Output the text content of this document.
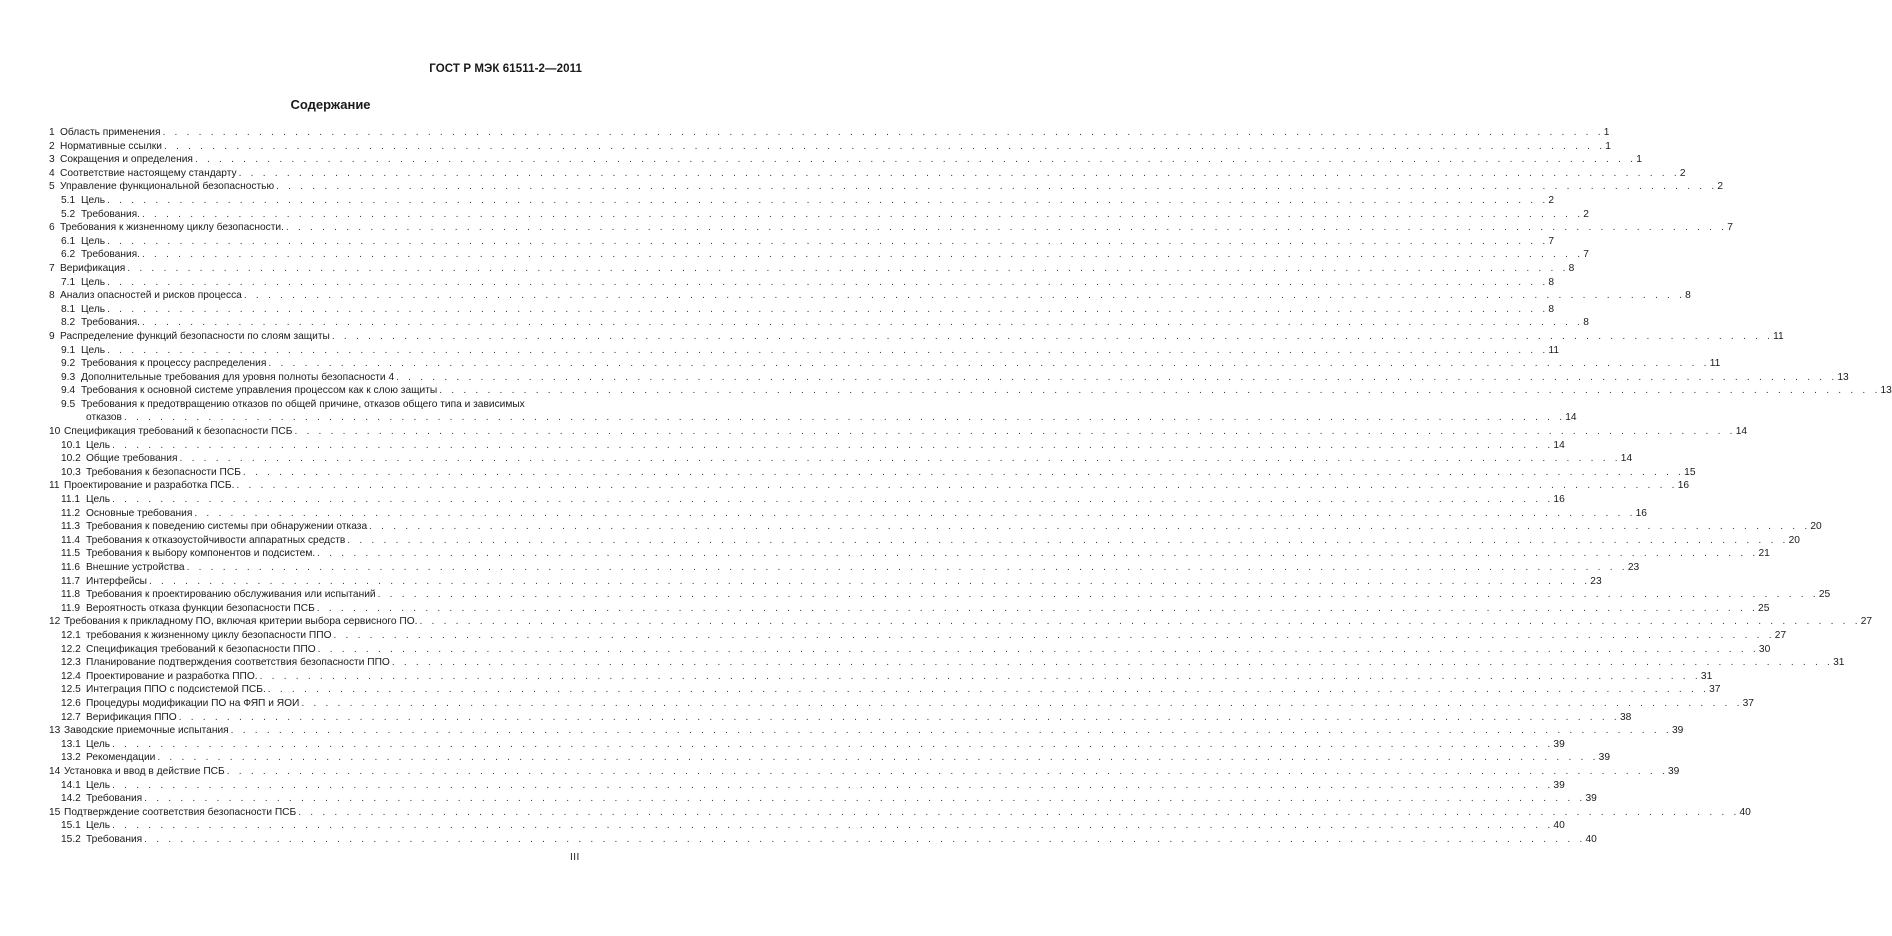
ГОСТ Р МЭК 61511-2—2011
Содержание
1 Область применения . . . . . . . . . . . . . . . . . . . . . . . . . . . . . . . . . . . . . . . . . . . . . . . . . . . . . . . . . . . . . . . . . . . . . . . . . . . . . . . . . . . . . . . . . . . . . . . . . . . . . . . . . . . . . . . . . . . . . . . . 1
2 Нормативные ссылки . . . . . . . . . . . . . . . . . . . . . . . . . . . . . . . . . . . . . . . . . . . . . . . . . . . . . . . . . . . . . . . . . . . . . . . . . . . . . . . . . . . . . . . . . . . . . . . . . . . . . . . . . . . . . . . . . . . . . . . . 1
3 Сокращения и определения . . . . . . . . . . . . . . . . . . . . . . . . . . . . . . . . . . . . . . . . . . . . . . . . . . . . . . . . . . . . . . . . . . . . . . . . . . . . . . . . . . . . . . . . . . . . . . . . . . . . . . . . . . . . . . . . . . . . . . . . 1
4 Соответствие настоящему стандарту . . . . . . . . . . . . . . . . . . . . . . . . . . . . . . . . . . . . . . . . . . . . . . . . . . . . . . . . . . . . . . . . . . . . . . . . . . . . . . . . . . . . . . . . . . . . . . . . . . . . . . . . . . . . . . . . . . . . . . . . 2
5 Управление функциональной безопасностью . . . . . . . . . . . . . . . . . . . . . . . . . . . . . . . . . . . . . . . . . . . . . . . . . . . . . . . . . . . . . . . . . . . . . . . . . . . . . . . . . . . . . . . . . . . . . . . . . . . . . . . . . . . . . . . . . . . . . . . . 2
5.1 Цель . . . . . . . . . . . . . . . . . . . . . . . . . . . . . . . . . . . . . . . . . . . . . . . . . . . . . . . . . . . . . . . . . . . . . . . . . . . . . . . . . . . . . . . . . . . . . . . . . . . . . . . . . . . . . . . . . . . . . . . . 2
5.2 Требования. . . . . . . . . . . . . . . . . . . . . . . . . . . . . . . . . . . . . . . . . . . . . . . . . . . . . . . . . . . . . . . . . . . . . . . . . . . . . . . . . . . . . . . . . . . . . . . . . . . . . . . . . . . . . . . . . . . . . . . . . 2
6 Требования к жизненному циклу безопасности. . . . . . . . . . . . . . . . . . . . . . . . . . . . . . . . . . . . . . . . . . . . . . . . . . . . . . . . . . . . . . . . . . . . . . . . . . . . . . . . . . . . . . . . . . . . . . . . . . . . . . . . . . . . . . . . . . . . . . . . . 7
6.1 Цель . . . . . . . . . . . . . . . . . . . . . . . . . . . . . . . . . . . . . . . . . . . . . . . . . . . . . . . . . . . . . . . . . . . . . . . . . . . . . . . . . . . . . . . . . . . . . . . . . . . . . . . . . . . . . . . . . . . . . . . . 7
6.2 Требования. . . . . . . . . . . . . . . . . . . . . . . . . . . . . . . . . . . . . . . . . . . . . . . . . . . . . . . . . . . . . . . . . . . . . . . . . . . . . . . . . . . . . . . . . . . . . . . . . . . . . . . . . . . . . . . . . . . . . . . . . 7
7 Верификация . . . . . . . . . . . . . . . . . . . . . . . . . . . . . . . . . . . . . . . . . . . . . . . . . . . . . . . . . . . . . . . . . . . . . . . . . . . . . . . . . . . . . . . . . . . . . . . . . . . . . . . . . . . . . . . . . . . . . . . . 8
7.1 Цель . . . . . . . . . . . . . . . . . . . . . . . . . . . . . . . . . . . . . . . . . . . . . . . . . . . . . . . . . . . . . . . . . . . . . . . . . . . . . . . . . . . . . . . . . . . . . . . . . . . . . . . . . . . . . . . . . . . . . . . . 8
8 Анализ опасностей и рисков процесса . . . . . . . . . . . . . . . . . . . . . . . . . . . . . . . . . . . . . . . . . . . . . . . . . . . . . . . . . . . . . . . . . . . . . . . . . . . . . . . . . . . . . . . . . . . . . . . . . . . . . . . . . . . . . . . . . . . . . . . . 8
8.1 Цель . . . . . . . . . . . . . . . . . . . . . . . . . . . . . . . . . . . . . . . . . . . . . . . . . . . . . . . . . . . . . . . . . . . . . . . . . . . . . . . . . . . . . . . . . . . . . . . . . . . . . . . . . . . . . . . . . . . . . . . . 8
8.2 Требования. . . . . . . . . . . . . . . . . . . . . . . . . . . . . . . . . . . . . . . . . . . . . . . . . . . . . . . . . . . . . . . . . . . . . . . . . . . . . . . . . . . . . . . . . . . . . . . . . . . . . . . . . . . . . . . . . . . . . . . . . 8
9 Распределение функций безопасности по слоям защиты . . . . . . . . . . . . . . . . . . . . . . . . . . . . . . . . . . . . . . . . . . . . . . . . . . . . . . . . . . . . . . . . . . . . . . . . . . . . . . . . . . . . . . . . . . . . . . . . . . . . . . . . . . . . . . . . . . . . . . . . 11
9.1 Цель . . . . . . . . . . . . . . . . . . . . . . . . . . . . . . . . . . . . . . . . . . . . . . . . . . . . . . . . . . . . . . . . . . . . . . . . . . . . . . . . . . . . . . . . . . . . . . . . . . . . . . . . . . . . . . . . . . . . . . . . 11
9.2 Требования к процессу распределения . . . . . . . . . . . . . . . . . . . . . . . . . . . . . . . . . . . . . . . . . . . . . . . . . . . . . . . . . . . . . . . . . . . . . . . . . . . . . . . . . . . . . . . . . . . . . . . . . . . . . . . . . . . . . . . . . . . . . . . . 11
9.3 Дополнительные требования для уровня полноты безопасности 4 . . . . . . . . . . . . . . . . . . . . . . . . . . . . . . . . . . . . . . . . . . . . . . . . . . . . . . . . . . . . . . . . . . . . . . . . . . . . . . . . . . . . . . . . . . . . . . . . . . . . . . . . . . . . . . . . . . . . . . . . 13
9.4 Требования к основной системе управления процессом как к слою защиты . . . . . . . . . . . . . . . . . . . . . . . . . . . . . . . . . . . . . . . . . . . . . . . . . . . . . . . . . . . . . . . . . . . . . . . . . . . . . . . . . . . . . . . . . . . . . . . . . . . . . . . . . . . . . . . . . . . . . . . . 13
9.5 Требования к предотвращению отказов по общей причине, отказов общего типа и зависимых
отказов . . . . . . . . . . . . . . . . . . . . . . . . . . . . . . . . . . . . . . . . . . . . . . . . . . . . . . . . . . . . . . . . . . . . . . . . . . . . . . . . . . . . . . . . . . . . . . . . . . . . . . . . . . . . . . . . . . . . . . . . 14
10 Спецификация требований к безопасности ПСБ . . . . . . . . . . . . . . . . . . . . . . . . . . . . . . . . . . . . . . . . . . . . . . . . . . . . . . . . . . . . . . . . . . . . . . . . . . . . . . . . . . . . . . . . . . . . . . . . . . . . . . . . . . . . . . . . . . . . . . . . 14
10.1 Цель . . . . . . . . . . . . . . . . . . . . . . . . . . . . . . . . . . . . . . . . . . . . . . . . . . . . . . . . . . . . . . . . . . . . . . . . . . . . . . . . . . . . . . . . . . . . . . . . . . . . . . . . . . . . . . . . . . . . . . . . 14
10.2 Общие требования . . . . . . . . . . . . . . . . . . . . . . . . . . . . . . . . . . . . . . . . . . . . . . . . . . . . . . . . . . . . . . . . . . . . . . . . . . . . . . . . . . . . . . . . . . . . . . . . . . . . . . . . . . . . . . . . . . . . . . . . 14
10.3 Требования к безопасности ПСБ . . . . . . . . . . . . . . . . . . . . . . . . . . . . . . . . . . . . . . . . . . . . . . . . . . . . . . . . . . . . . . . . . . . . . . . . . . . . . . . . . . . . . . . . . . . . . . . . . . . . . . . . . . . . . . . . . . . . . . . . 15
11 Проектирование и разработка ПСБ. . . . . . . . . . . . . . . . . . . . . . . . . . . . . . . . . . . . . . . . . . . . . . . . . . . . . . . . . . . . . . . . . . . . . . . . . . . . . . . . . . . . . . . . . . . . . . . . . . . . . . . . . . . . . . . . . . . . . . . . . 16
11.1 Цель . . . . . . . . . . . . . . . . . . . . . . . . . . . . . . . . . . . . . . . . . . . . . . . . . . . . . . . . . . . . . . . . . . . . . . . . . . . . . . . . . . . . . . . . . . . . . . . . . . . . . . . . . . . . . . . . . . . . . . . . 16
11.2 Основные требования . . . . . . . . . . . . . . . . . . . . . . . . . . . . . . . . . . . . . . . . . . . . . . . . . . . . . . . . . . . . . . . . . . . . . . . . . . . . . . . . . . . . . . . . . . . . . . . . . . . . . . . . . . . . . . . . . . . . . . . . 16
11.3 Требования к поведению системы при обнаружении отказа . . . . . . . . . . . . . . . . . . . . . . . . . . . . . . . . . . . . . . . . . . . . . . . . . . . . . . . . . . . . . . . . . . . . . . . . . . . . . . . . . . . . . . . . . . . . . . . . . . . . . . . . . . . . . . . . . . . . . . . . 20
11.4 Требования к отказоустойчивости аппаратных средств . . . . . . . . . . . . . . . . . . . . . . . . . . . . . . . . . . . . . . . . . . . . . . . . . . . . . . . . . . . . . . . . . . . . . . . . . . . . . . . . . . . . . . . . . . . . . . . . . . . . . . . . . . . . . . . . . . . . . . . . 20
11.5 Требования к выбору компонентов и подсистем. . . . . . . . . . . . . . . . . . . . . . . . . . . . . . . . . . . . . . . . . . . . . . . . . . . . . . . . . . . . . . . . . . . . . . . . . . . . . . . . . . . . . . . . . . . . . . . . . . . . . . . . . . . . . . . . . . . . . . . . . 21
11.6 Внешние устройства . . . . . . . . . . . . . . . . . . . . . . . . . . . . . . . . . . . . . . . . . . . . . . . . . . . . . . . . . . . . . . . . . . . . . . . . . . . . . . . . . . . . . . . . . . . . . . . . . . . . . . . . . . . . . . . . . . . . . . . . 23
11.7 Интерфейсы . . . . . . . . . . . . . . . . . . . . . . . . . . . . . . . . . . . . . . . . . . . . . . . . . . . . . . . . . . . . . . . . . . . . . . . . . . . . . . . . . . . . . . . . . . . . . . . . . . . . . . . . . . . . . . . . . . . . . . . . 23
11.8 Требования к проектированию обслуживания или испытаний . . . . . . . . . . . . . . . . . . . . . . . . . . . . . . . . . . . . . . . . . . . . . . . . . . . . . . . . . . . . . . . . . . . . . . . . . . . . . . . . . . . . . . . . . . . . . . . . . . . . . . . . . . . . . . . . . . . . . . . . 25
11.9 Вероятность отказа функции безопасности ПСБ . . . . . . . . . . . . . . . . . . . . . . . . . . . . . . . . . . . . . . . . . . . . . . . . . . . . . . . . . . . . . . . . . . . . . . . . . . . . . . . . . . . . . . . . . . . . . . . . . . . . . . . . . . . . . . . . . . . . . . . . 25
12 Требования к прикладному ПО, включая критерии выбора сервисного ПО. . . . . . . . . . . . . . . . . . . . . . . . . . . . . . . . . . . . . . . . . . . . . . . . . . . . . . . . . . . . . . . . . . . . . . . . . . . . . . . . . . . . . . . . . . . . . . . . . . . . . . . . . . . . . . . . . . . . . . . . . 27
12.1 требования к жизненному циклу безопасности ППО . . . . . . . . . . . . . . . . . . . . . . . . . . . . . . . . . . . . . . . . . . . . . . . . . . . . . . . . . . . . . . . . . . . . . . . . . . . . . . . . . . . . . . . . . . . . . . . . . . . . . . . . . . . . . . . . . . . . . . . . 27
12.2 Спецификация требований к безопасности ППО . . . . . . . . . . . . . . . . . . . . . . . . . . . . . . . . . . . . . . . . . . . . . . . . . . . . . . . . . . . . . . . . . . . . . . . . . . . . . . . . . . . . . . . . . . . . . . . . . . . . . . . . . . . . . . . . . . . . . . . . 30
12.3 Планирование подтверждения соответствия безопасности ППО . . . . . . . . . . . . . . . . . . . . . . . . . . . . . . . . . . . . . . . . . . . . . . . . . . . . . . . . . . . . . . . . . . . . . . . . . . . . . . . . . . . . . . . . . . . . . . . . . . . . . . . . . . . . . . . . . . . . . . . . 31
12.4 Проектирование и разработка ППО. . . . . . . . . . . . . . . . . . . . . . . . . . . . . . . . . . . . . . . . . . . . . . . . . . . . . . . . . . . . . . . . . . . . . . . . . . . . . . . . . . . . . . . . . . . . . . . . . . . . . . . . . . . . . . . . . . . . . . . . . 31
12.5 Интеграция ППО с подсистемой ПСБ. . . . . . . . . . . . . . . . . . . . . . . . . . . . . . . . . . . . . . . . . . . . . . . . . . . . . . . . . . . . . . . . . . . . . . . . . . . . . . . . . . . . . . . . . . . . . . . . . . . . . . . . . . . . . . . . . . . . . . . . . 37
12.6 Процедуры модификации ПО на ФЯП и ЯОИ . . . . . . . . . . . . . . . . . . . . . . . . . . . . . . . . . . . . . . . . . . . . . . . . . . . . . . . . . . . . . . . . . . . . . . . . . . . . . . . . . . . . . . . . . . . . . . . . . . . . . . . . . . . . . . . . . . . . . . . . 37
12.7 Верификация ППО . . . . . . . . . . . . . . . . . . . . . . . . . . . . . . . . . . . . . . . . . . . . . . . . . . . . . . . . . . . . . . . . . . . . . . . . . . . . . . . . . . . . . . . . . . . . . . . . . . . . . . . . . . . . . . . . . . . . . . . . 38
13 Заводские приемочные испытания . . . . . . . . . . . . . . . . . . . . . . . . . . . . . . . . . . . . . . . . . . . . . . . . . . . . . . . . . . . . . . . . . . . . . . . . . . . . . . . . . . . . . . . . . . . . . . . . . . . . . . . . . . . . . . . . . . . . . . . . 39
13.1 Цель . . . . . . . . . . . . . . . . . . . . . . . . . . . . . . . . . . . . . . . . . . . . . . . . . . . . . . . . . . . . . . . . . . . . . . . . . . . . . . . . . . . . . . . . . . . . . . . . . . . . . . . . . . . . . . . . . . . . . . . . 39
13.2 Рекомендации . . . . . . . . . . . . . . . . . . . . . . . . . . . . . . . . . . . . . . . . . . . . . . . . . . . . . . . . . . . . . . . . . . . . . . . . . . . . . . . . . . . . . . . . . . . . . . . . . . . . . . . . . . . . . . . . . . . . . . . . 39
14 Установка и ввод в действие ПСБ . . . . . . . . . . . . . . . . . . . . . . . . . . . . . . . . . . . . . . . . . . . . . . . . . . . . . . . . . . . . . . . . . . . . . . . . . . . . . . . . . . . . . . . . . . . . . . . . . . . . . . . . . . . . . . . . . . . . . . . . 39
14.1 Цель . . . . . . . . . . . . . . . . . . . . . . . . . . . . . . . . . . . . . . . . . . . . . . . . . . . . . . . . . . . . . . . . . . . . . . . . . . . . . . . . . . . . . . . . . . . . . . . . . . . . . . . . . . . . . . . . . . . . . . . . 39
14.2 Требования . . . . . . . . . . . . . . . . . . . . . . . . . . . . . . . . . . . . . . . . . . . . . . . . . . . . . . . . . . . . . . . . . . . . . . . . . . . . . . . . . . . . . . . . . . . . . . . . . . . . . . . . . . . . . . . . . . . . . . . . 39
15 Подтверждение соответствия безопасности ПСБ . . . . . . . . . . . . . . . . . . . . . . . . . . . . . . . . . . . . . . . . . . . . . . . . . . . . . . . . . . . . . . . . . . . . . . . . . . . . . . . . . . . . . . . . . . . . . . . . . . . . . . . . . . . . . . . . . . . . . . . . 40
15.1 Цель . . . . . . . . . . . . . . . . . . . . . . . . . . . . . . . . . . . . . . . . . . . . . . . . . . . . . . . . . . . . . . . . . . . . . . . . . . . . . . . . . . . . . . . . . . . . . . . . . . . . . . . . . . . . . . . . . . . . . . . . 40
15.2 Требования . . . . . . . . . . . . . . . . . . . . . . . . . . . . . . . . . . . . . . . . . . . . . . . . . . . . . . . . . . . . . . . . . . . . . . . . . . . . . . . . . . . . . . . . . . . . . . . . . . . . . . . . . . . . . . . . . . . . . . . . 40
III
